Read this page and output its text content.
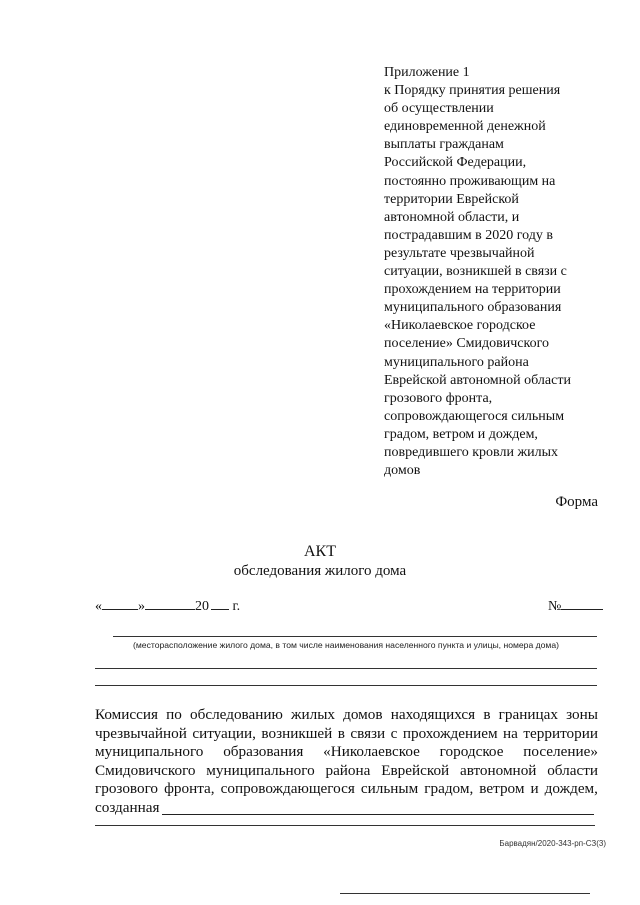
Приложение 1
к Порядку принятия решения
об осуществлении
единовременной денежной
выплаты гражданам
Российской Федерации,
постоянно проживающим на
территории Еврейской
автономной области, и
пострадавшим в 2020 году в
результате чрезвычайной
ситуации, возникшей в связи с
прохождением на территории
муниципального образования
«Николаевское городское
поселение» Смидовичского
муниципального района
Еврейской автономной области
грозового фронта,
сопровождающегося сильным
градом, ветром и дождем,
повредившего кровли жилых
домов
Форма
АКТ
обследования жилого дома
«	»	20 г.	№
(месторасположение жилого дома, в том числе наименования населенного пункта и улицы, номера дома)
Комиссия по обследованию жилых домов находящихся в границах зоны
чрезвычайной ситуации, возникшей в связи с прохождением на территории
муниципального образования «Николаевское городское поселение»
Смидовичского муниципального района Еврейской автономной области
грозового фронта, сопровождающегося сильным градом, ветром и дождем,
созданная
Барвадян/2020-343-рп-СЗ(3)
